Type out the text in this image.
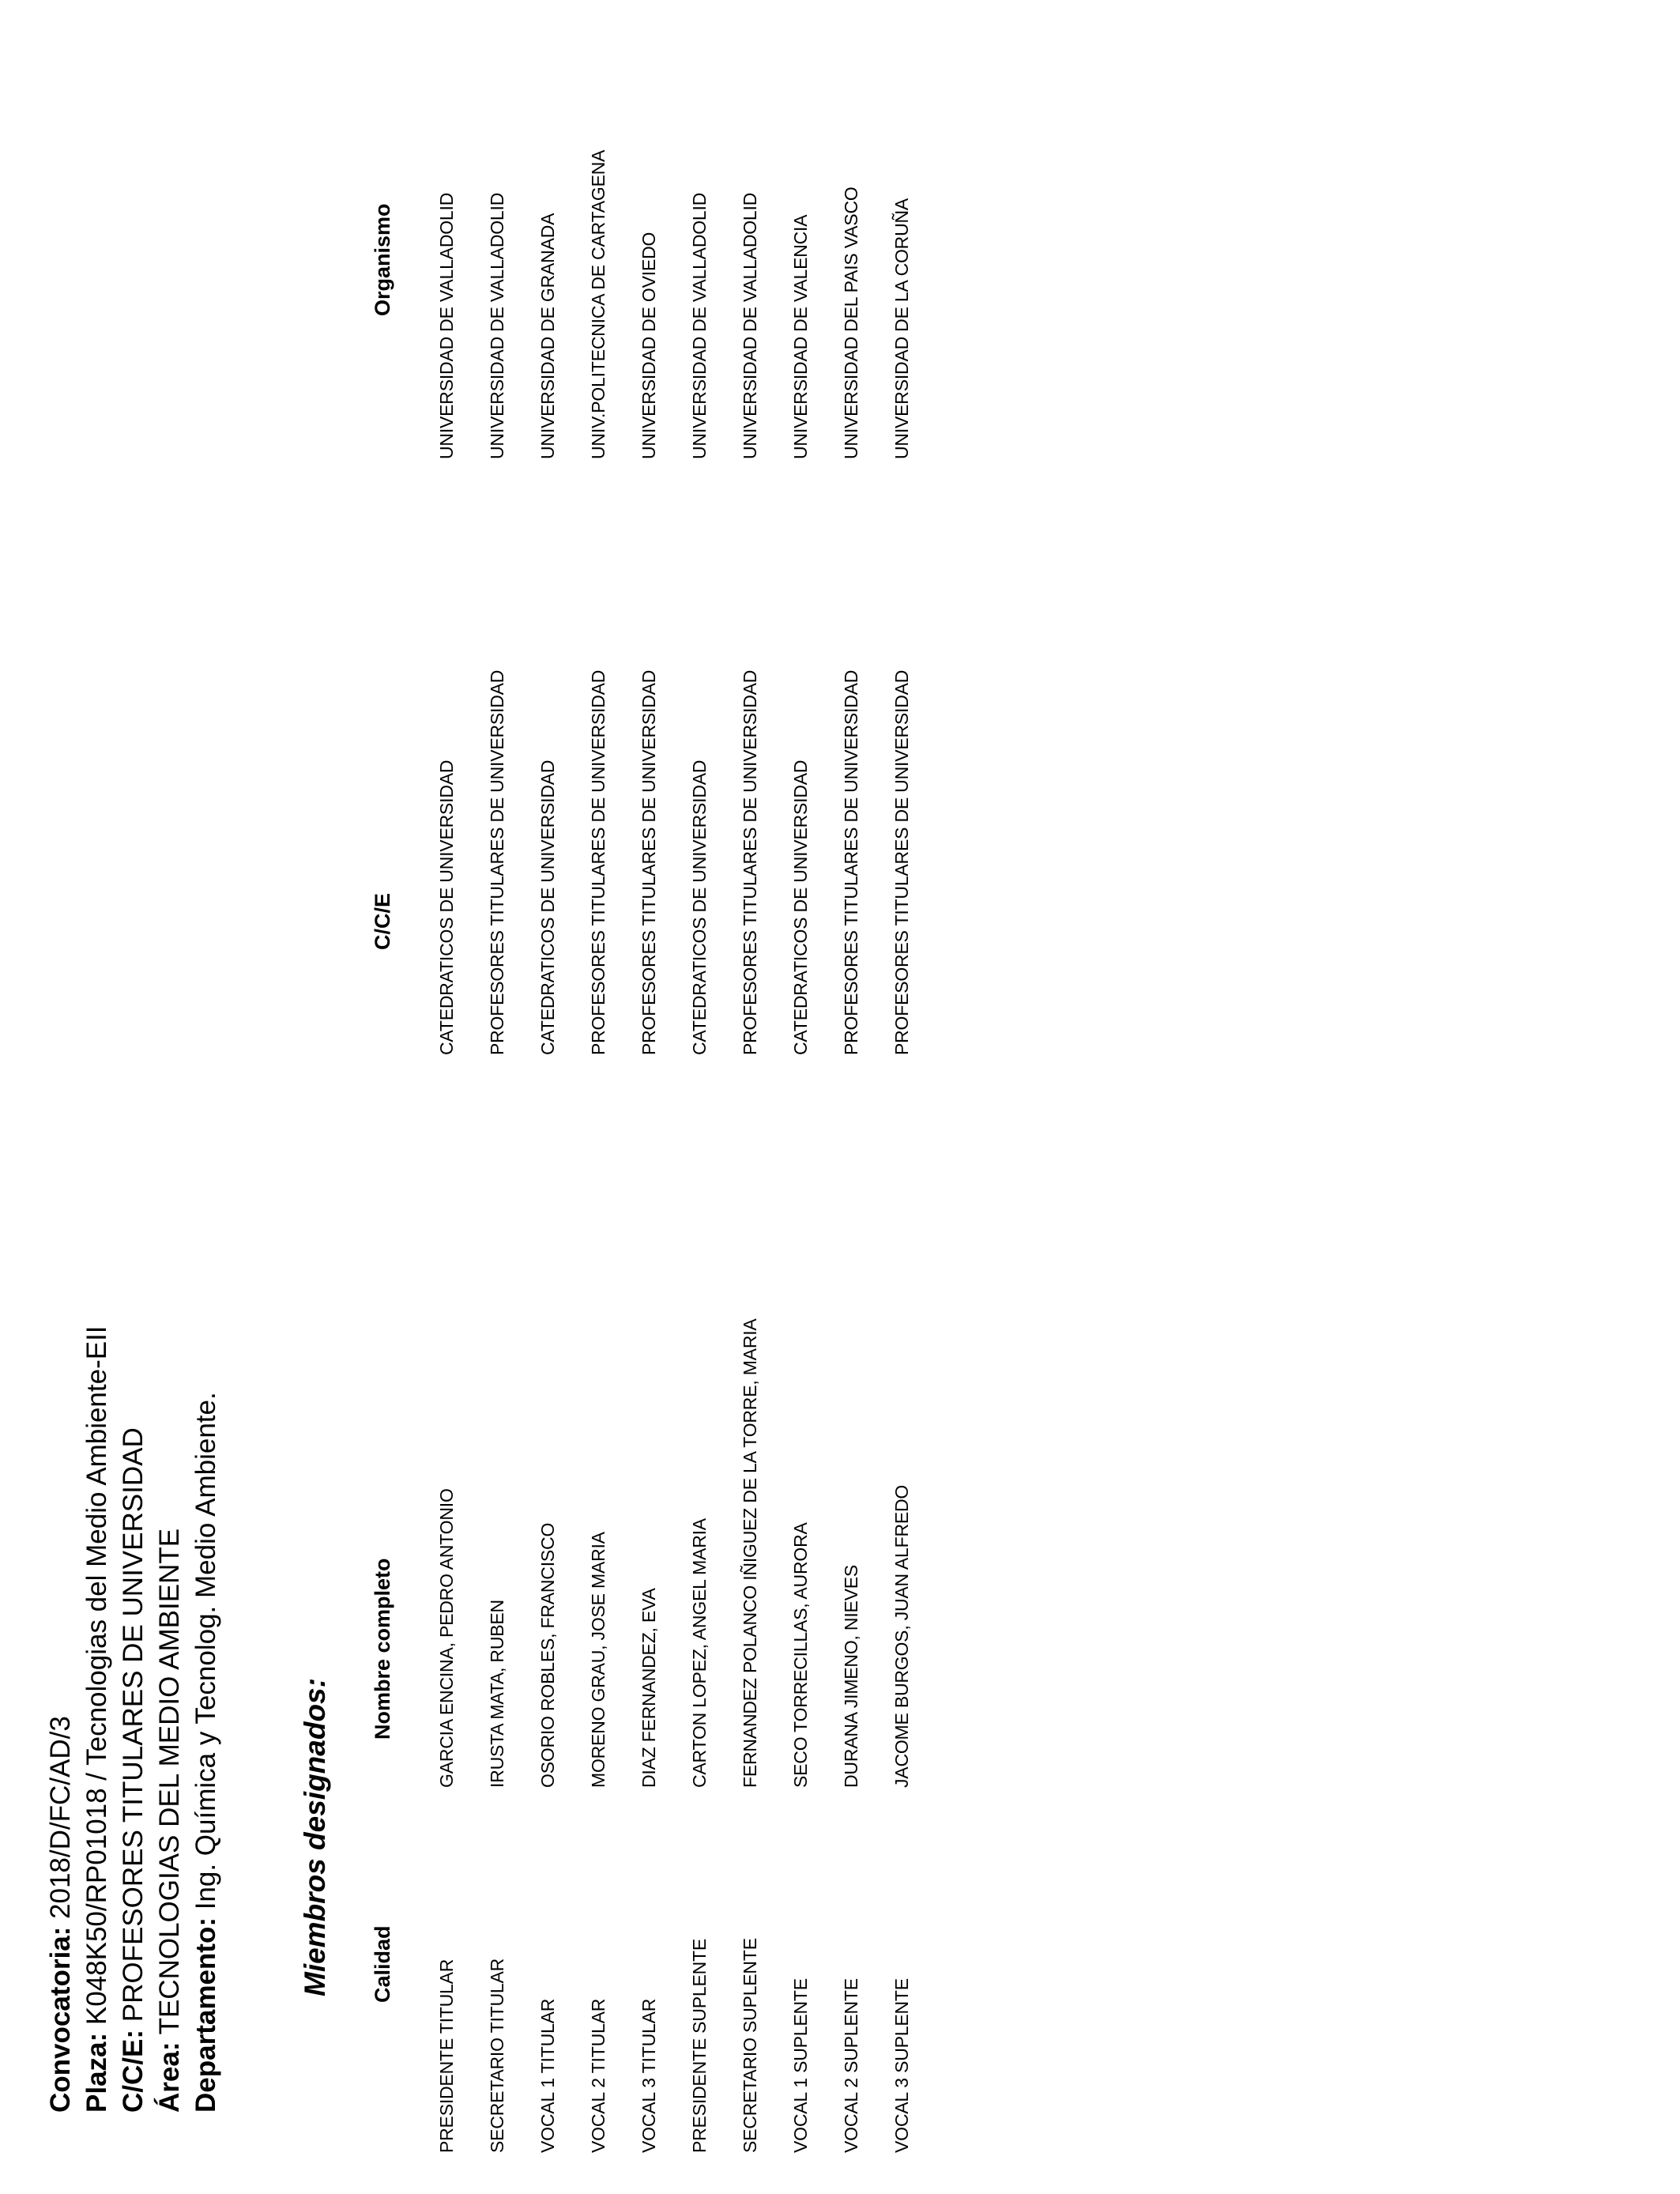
Convocatoria: 2018/D/FC/AD/3
Plaza: K048K50/RP01018 / Tecnologias del Medio Ambiente-EII
C/C/E: PROFESORES TITULARES DE UNIVERSIDAD
Área: TECNOLOGIAS DEL MEDIO AMBIENTE Departamento: Ing. Química y Tecnolog. Medio Ambiente.	Miembros designados: Calidad
Nombre completo
C/C/E
Organismo
PRESIDENTE TITULAR
GARCIA ENCINA, PEDRO ANTONIO
CATEDRATICOS DE UNIVERSIDAD
UNIVERSIDAD DE VALLADOLID
SECRETARIO TITULAR
IRUSTA MATA, RUBEN
PROFESORES TITULARES DE UNIVERSIDAD
UNIVERSIDAD DE VALLADOLID
VOCAL 1 TITULAR
OSORIO ROBLES, FRANCISCO
CATEDRATICOS DE UNIVERSIDAD
UNIVERSIDAD DE GRANADA
VOCAL 2 TITULAR
MORENO GRAU, JOSE MARIA
PROFESORES TITULARES DE UNIVERSIDAD
UNIV.POLITECNICA DE CARTAGENA
VOCAL 3 TITULAR
DIAZ FERNANDEZ, EVA
PROFESORES TITULARES DE UNIVERSIDAD
UNIVERSIDAD DE OVIEDO
PRESIDENTE SUPLENTE
CARTON LOPEZ, ANGEL MARIA
CATEDRATICOS DE UNIVERSIDAD
UNIVERSIDAD DE VALLADOLID
SECRETARIO SUPLENTE
FERNANDEZ POLANCO IÑIGUEZ DE LA TORRE, MARIA
PROFESORES TITULARES DE UNIVERSIDAD
UNIVERSIDAD DE VALLADOLID
VOCAL 1 SUPLENTE
SECO TORRECILLAS, AURORA
CATEDRATICOS DE UNIVERSIDAD
UNIVERSIDAD DE VALENCIA
VOCAL 2 SUPLENTE
DURANA JIMENO, NIEVES
PROFESORES TITULARES DE UNIVERSIDAD
UNIVERSIDAD DEL PAIS VASCO
VOCAL 3 SUPLENTE
JACOME BURGOS, JUAN ALFREDO
PROFESORES TITULARES DE UNIVERSIDAD
UNIVERSIDAD DE LA CORUÑA
